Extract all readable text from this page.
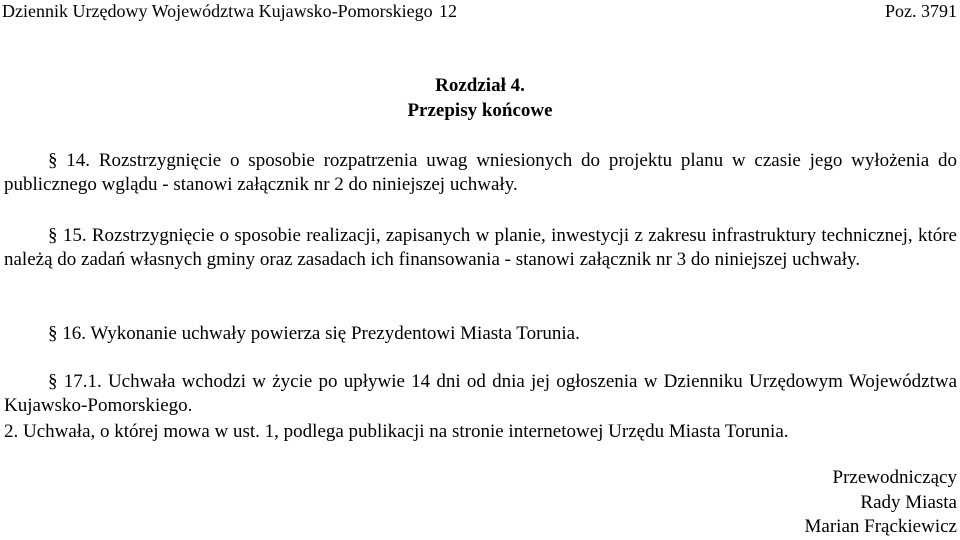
Dziennik Urzędowy Województwa Kujawsko-Pomorskiego 12	Poz. 3791
Rozdział 4.
Przepisy końcowe
§ 14. Rozstrzygnięcie o sposobie rozpatrzenia uwag wniesionych do projektu planu w czasie jego wyłożenia do publicznego wglądu - stanowi załącznik nr 2 do niniejszej uchwały.
§ 15. Rozstrzygnięcie o sposobie realizacji, zapisanych w planie, inwestycji z zakresu infrastruktury technicznej, które należą do zadań własnych gminy oraz zasadach ich finansowania - stanowi załącznik nr 3 do niniejszej uchwały.
§ 16. Wykonanie uchwały powierza się Prezydentowi Miasta Torunia.
§ 17.1. Uchwała wchodzi w życie po upływie 14 dni od dnia jej ogłoszenia w Dzienniku Urzędowym Województwa Kujawsko-Pomorskiego.
2. Uchwała, o której mowa w ust. 1, podlega publikacji na stronie internetowej Urzędu Miasta Torunia.
Przewodniczący
Rady Miasta
Marian Frąckiewicz
